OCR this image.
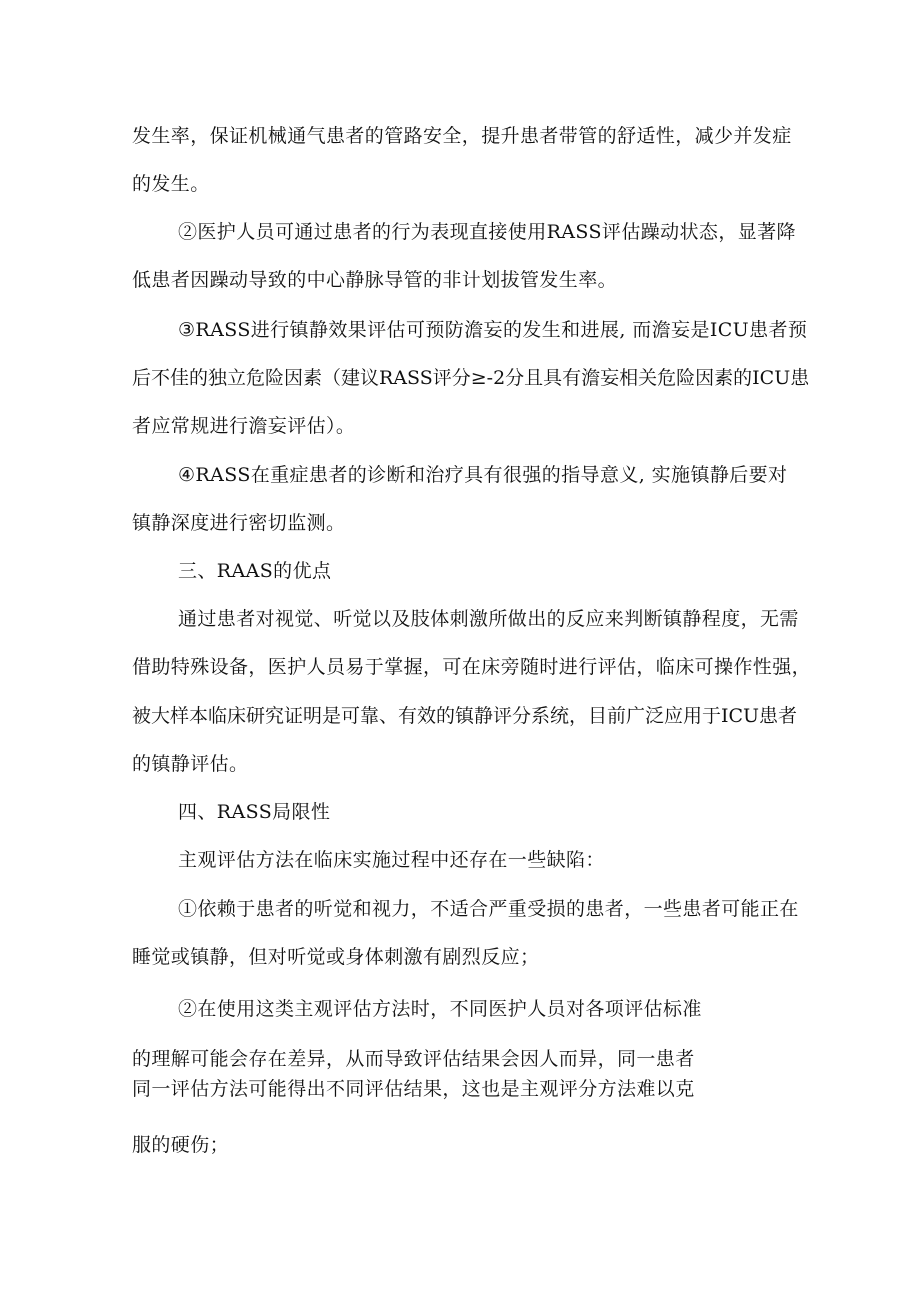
发生率，保证机械通气患者的管路安全，提升患者带管的舒适性，减少并发症
的发生。
②医护人员可通过患者的行为表现直接使用RASS评估躁动状态，显著降
低患者因躁动导致的中心静脉导管的非计划拔管发生率。
③RASS进行镇静效果评估可预防澹妄的发生和进展, 而澹妄是ICU患者预
后不佳的独立危险因素（建议RASS评分≥-2分且具有澹妄相关危险因素的ICU患
者应常规进行澹妄评估）。
④RASS在重症患者的诊断和治疗具有很强的指导意义, 实施镇静后要对
镇静深度进行密切监测。
三、RAAS的优点
通过患者对视觉、听觉以及肢体刺激所做出的反应来判断镇静程度，无需
借助特殊设备，医护人员易于掌握，可在床旁随时进行评估，临床可操作性强，
被大样本临床研究证明是可靠、有效的镇静评分系统，目前广泛应用于ICU患者
的镇静评估。
四、RASS局限性
主观评估方法在临床实施过程中还存在一些缺陷：
①依赖于患者的听觉和视力，不适合严重受损的患者，一些患者可能正在
睡觉或镇静，但对听觉或身体刺激有剧烈反应；
②在使用这类主观评估方法时，不同医护人员对各项评估标准
的理解可能会存在差异，从而导致评估结果会因人而异，同一患者
同一评估方法可能得出不同评估结果，这也是主观评分方法难以克
服的硬伤；
